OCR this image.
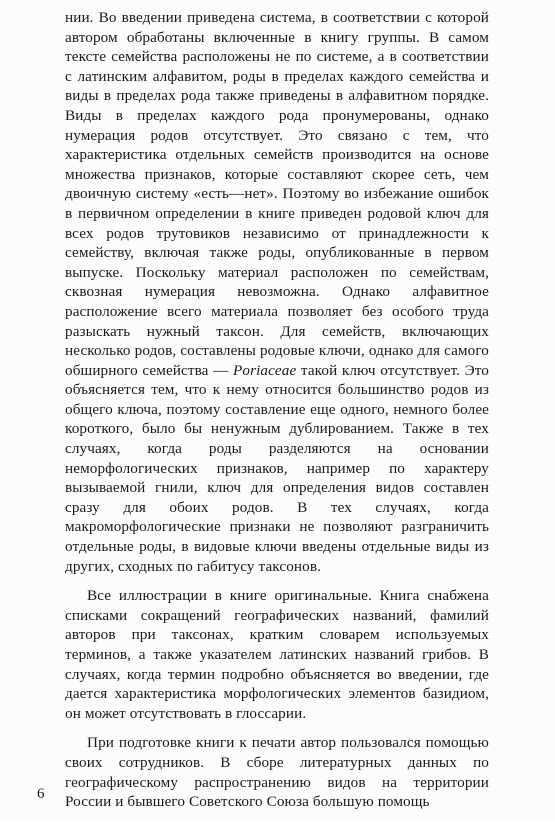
нии. Во введении приведена система, в соответствии с которой автором обработаны включенные в книгу группы. В самом тексте семейства расположены не по системе, а в соответствии с латинским алфавитом, роды в пределах каждого семейства и виды в пределах рода также приведены в алфавитном порядке. Виды в пределах каждого рода пронумерованы, однако нумерация родов отсутствует. Это связано с тем, что характеристика отдельных семейств производится на основе множества признаков, которые составляют скорее сеть, чем двоичную систему «есть—нет». Поэтому во избежание ошибок в первичном определении в книге приведен родовой ключ для всех родов трутовиков независимо от принадлежности к семейству, включая также роды, опубликованные в первом выпуске. Поскольку материал расположен по семействам, сквозная нумерация невозможна. Однако алфавитное расположение всего материала позволяет без особого труда разыскать нужный таксон. Для семейств, включающих несколько родов, составлены родовые ключи, однако для самого обширного семейства — Poriaceae такой ключ отсутствует. Это объясняется тем, что к нему относится большинство родов из общего ключа, поэтому составление еще одного, немного более короткого, было бы ненужным дублированием. Также в тех случаях, когда роды разделяются на основании неморфологических признаков, например по характеру вызываемой гнили, ключ для определения видов составлен сразу для обоих родов. В тех случаях, когда макроморфологические признаки не позволяют разграничить отдельные роды, в видовые ключи введены отдельные виды из других, сходных по габитусу таксонов.

Все иллюстрации в книге оригинальные. Книга снабжена списками сокращений географических названий, фамилий авторов при таксонах, кратким словарем используемых терминов, а также указателем латинских названий грибов. В случаях, когда термин подробно объясняется во введении, где дается характеристика морфологических элементов базидиом, он может отсутствовать в глоссарии.

При подготовке книги к печати автор пользовался помощью своих сотрудников. В сборе литературных данных по географическому распространению видов на территории России и бывшего Советского Союза большую помощь

6
